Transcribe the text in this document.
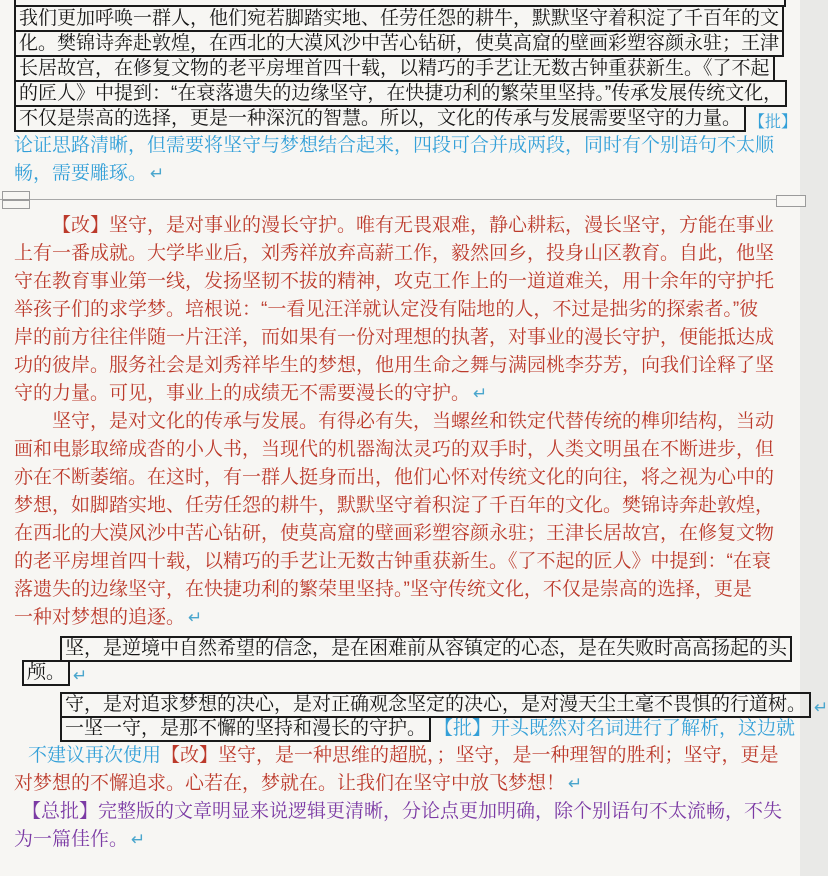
我们更加呼唤一群人，他们宛若脚踏实地、任劳任怨的耕牛，默默坚守着积淀了千百年的文
化。樊锦诗奔赴敦煌，在西北的大漠风沙中苦心钻研，使莫高窟的壁画彩塑容颜永驻；王津
长居故宫，在修复文物的老平房埋首四十载，以精巧的手艺让无数古钟重获新生。《了不起
的匠人》中提到：“在衰落遗失的边缘坚守，在快捷功利的繁荣里坚持。”传承发展传统文化，
不仅是崇高的选择，更是一种深沉的智慧。所以，文化的传承与发展需要坚守的力量。 【批】
论证思路清晰，但需要将坚守与梦想结合起来，四段可合并成两段，同时有个别语句不太顺
畅，需要雕琢。 ↵
【改】坚守，是对事业的漫长守护。唯有无畏艰难，静心耕耘，漫长坚守，方能在事业
上有一番成就。大学毕业后，刘秀祥放弃高薪工作，毅然回乡，投身山区教育。自此，他坚
守在教育事业第一线，发扬坚韧不拔的精神，攻克工作上的一道道难关，用十余年的守护托
举孩子们的求学梦。培根说：“一看见汪洋就认定没有陆地的人，不过是拙劣的探索者。”彼
岸的前方往往伴随一片汪洋，而如果有一份对理想的执著，对事业的漫长守护，便能抵达成
功的彼岸。服务社会是刘秀祥毕生的梦想，他用生命之舞与满园桃李芬芳，向我们诠释了坚
守的力量。可见，事业上的成绩无不需要漫长的守护。 ↵
坚守，是对文化的传承与发展。有得必有失，当螺丝和铁定代替传统的榫卯结构，当动
画和电影取缔成沓的小人书，当现代的机器淘汰灵巧的双手时，人类文明虽在不断进步，但
亦在不断萎缩。在这时，有一群人挺身而出，他们心怀对传统文化的向往，将之视为心中的
梦想，如脚踏实地、任劳任怨的耕牛，默默坚守着积淀了千百年的文化。樊锦诗奔赴敦煌，
在西北的大漠风沙中苦心钻研，使莫高窟的壁画彩塑容颜永驻；王津长居故宫，在修复文物
的老平房埋首四十载，以精巧的手艺让无数古钟重获新生。《了不起的匠人》中提到：“在衰
落遗失的边缘坚守，在快捷功利的繁荣里坚持。”坚守传统文化，不仅是崇高的选择，更是
一种对梦想的追逐。 ↵
坚，是逆境中自然希望的信念，是在困难前从容镇定的心态，是在失败时高高扬起的头
颅。 ↵
守，是对追求梦想的决心，是对正确观念坚定的决心，是对漫天尘土毫不畏惧的行道树。 ↵
一坚一守，是那不懈的坚持和漫长的守护。 【批】 开头既然对名词进行了解析，这边就
不建议再次使用【改】坚守，是一种思维的超脱，；坚守，是一种理智的胜利；坚守，更是
对梦想的不懈追求。心若在，梦就在。让我们在坚守中放飞梦想！ ↵
【总批】完整版的文章明显来说逻辑更清晰，分论点更加明确，除个别语句不太流畅，不失
为一篇佳作。 ↵
